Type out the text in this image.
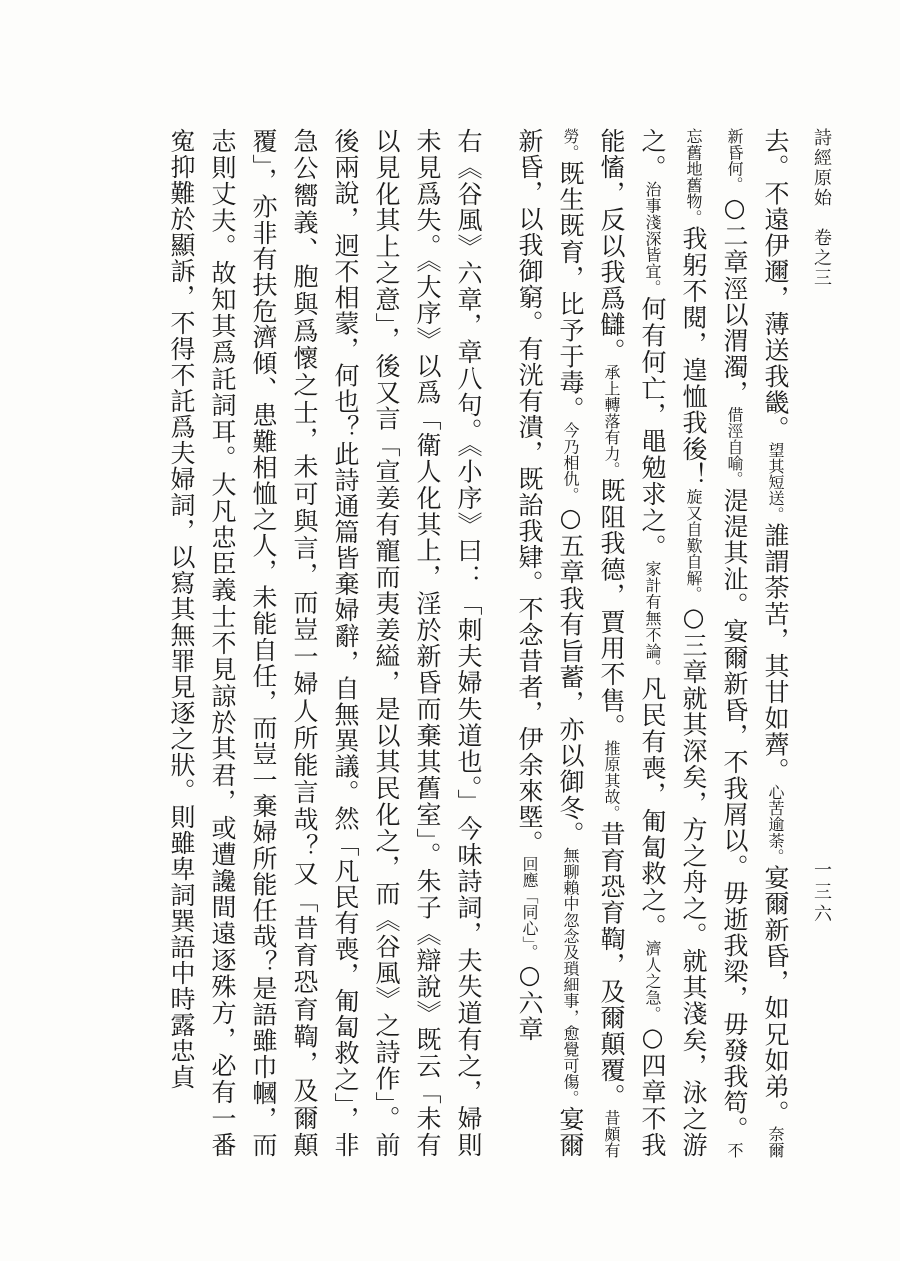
詩經原始　卷之三
一三六

去。不遠伊邇，薄送我畿。望其短送。誰謂荼苦，其甘如薺。心苦逾荼。宴爾新昏，如兄如弟。奈爾新昏何。○二章涇以渭濁，借涇自喻。湜湜其沚。宴爾新昏，不我屑以。毋逝我梁，毋發我笱。不忘舊地舊物。我躬不閱，遑恤我後！旋又自歎自解。○三章就其深矣，方之舟之。就其淺矣，泳之游之。治事淺深皆宜。何有何亡，黽勉求之。家計有無不論。凡民有喪，匍匐救之。濟人之急。○四章不我能慉，反以我爲讎。承上轉落有力。既阻我德，賈用不售。推原其故。昔育恐育鞫，及爾顛覆。昔頗有勞。既生既育，比予于毒。今乃相仇。○五章我有旨蓄，亦以御冬。無聊賴中忽念及瑣細事，愈覺可傷。宴爾新昏，以我御窮。有洸有潰，既詒我肄。不念昔者，伊余來塈。回應「同心」。○六章

右《谷風》六章，章八句。《小序》曰：「刺夫婦失道也。」今味詩詞，夫失道有之，婦則未見爲失。《大序》以爲「衛人化其上，淫於新昏而棄其舊室」。朱子《辯說》既云「未有以見化其上之意」，後又言「宣姜有寵而夷姜縊，是以其民化之，而《谷風》之詩作」。前後兩說，迥不相蒙，何也？此詩通篇皆棄婦辭，自無異議。然「凡民有喪，匍匐救之」，非急公嚮義、胞與爲懷之士，未可與言，而豈一婦人所能言哉？又「昔育恐育鞫，及爾顛覆」，亦非有扶危濟傾、患難相恤之人，未能自任，而豈一棄婦所能任哉？是語雖巾幗，而志則丈夫。故知其爲託詞耳。大凡忠臣義士不見諒於其君，或遭讒間遠逐殊方，必有一番寃抑難於顯訴，不得不託爲夫婦詞，以寫其無罪見逐之狀。則雖卑詞巽語中時露忠貞
